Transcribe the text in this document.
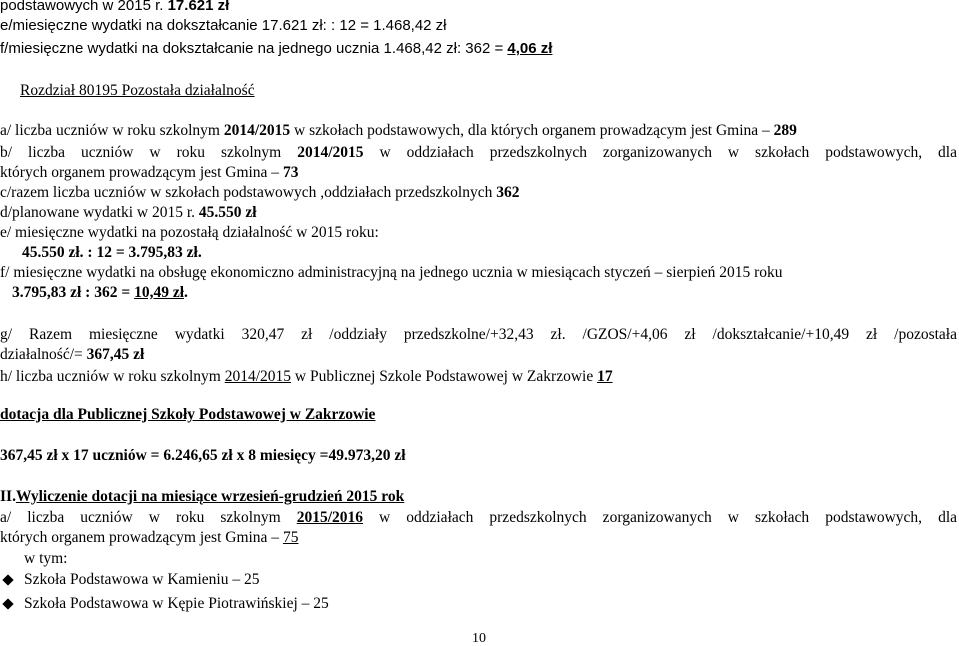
podstawowych w 2015 r. 17.621 zł
e/miesięczne wydatki na dokształcanie 17.621 zł: : 12 = 1.468,42 zł
f/miesięczne wydatki na dokształcanie na jednego ucznia 1.468,42 zł: 362 = 4,06 zł
Rozdział 80195 Pozostała działalność
a/ liczba uczniów w roku szkolnym 2014/2015 w szkołach podstawowych, dla których organem prowadzącym jest Gmina – 289
b/ liczba uczniów w roku szkolnym 2014/2015 w oddziałach przedszkolnych zorganizowanych w szkołach podstawowych, dla
których organem prowadzącym jest Gmina – 73
c/razem liczba uczniów w szkołach podstawowych ,oddziałach przedszkolnych 362
d/planowane wydatki w 2015 r. 45.550 zł
e/ miesięczne wydatki na pozostałą działalność w 2015 roku:
45.550 zł. : 12 = 3.795,83 zł.
f/ miesięczne wydatki na obsługę ekonomiczno administracyjną na jednego ucznia w miesiącach styczeń – sierpień 2015 roku
3.795,83 zł : 362 = 10,49 zł.
g/ Razem miesięczne wydatki 320,47 zł /oddziały przedszkolne/+32,43 zł. /GZOS/+4,06 zł /dokształcanie/+10,49 zł /pozostała
działalność/= 367,45 zł
h/ liczba uczniów w roku szkolnym 2014/2015 w Publicznej Szkole Podstawowej w Zakrzowie 17
dotacja dla Publicznej Szkoły Podstawowej w Zakrzowie
367,45 zł x 17 uczniów = 6.246,65 zł x 8 miesięcy =49.973,20 zł
II.Wyliczenie dotacji na miesiące wrzesień-grudzień 2015 rok
a/ liczba uczniów w roku szkolnym 2015/2016 w oddziałach przedszkolnych zorganizowanych w szkołach podstawowych, dla
których organem prowadzącym jest Gmina – 75
w tym:
Szkoła Podstawowa w Kamieniu – 25
Szkoła Podstawowa w Kępie Piotrawińskiej – 25
10
